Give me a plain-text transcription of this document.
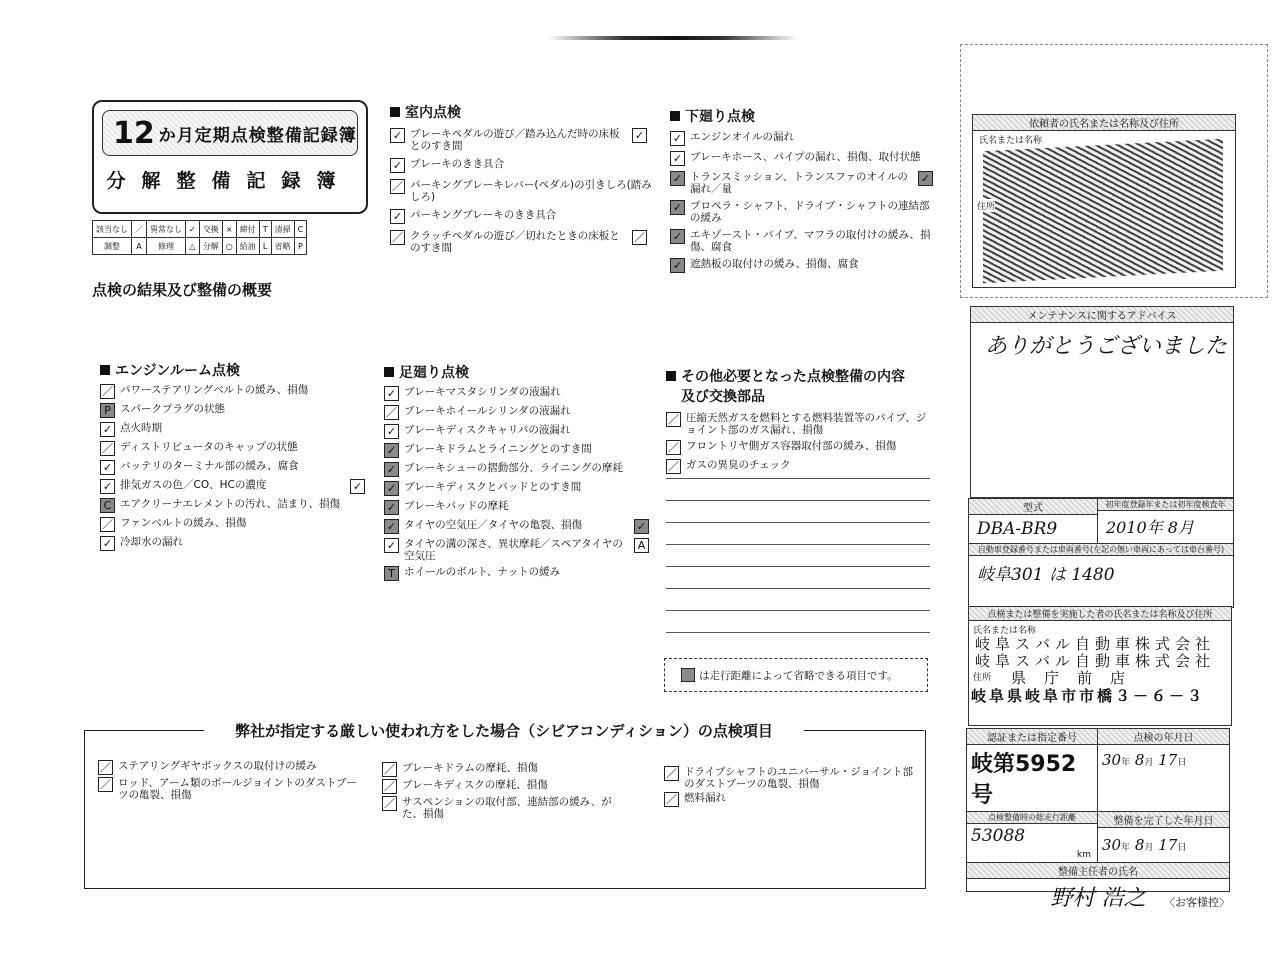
12 か月定期点検整備記録簿
分解整備記録簿
該当なし	／	異常なし	✓	交換	×	締付	T	清掃	C
調整	A	修理	△	分解	○	給油	L	省略	P
点検の結果及び整備の概要
室内点検
✓ ブレーキペダルの遊び／踏み込んだ時の床板とのすき間
✓
✓ ブレーキのきき具合
／ パーキングブレーキレバー(ペダル)の引きしろ(踏みしろ)
✓ パーキングブレーキのきき具合
／ クラッチペダルの遊び／切れたときの床板とのすき間
／
下廻り点検
✓ エンジンオイルの漏れ
✓ ブレーキホース、パイプの漏れ、損傷、取付状態
✓ トランスミッション、トランスファのオイルの漏れ／量
✓
✓ プロペラ・シャフト、ドライブ・シャフトの連結部の緩み
✓ エキゾースト・パイプ、マフラの取付けの緩み、損傷、腐食
✓ 遮熱板の取付けの緩み、損傷、腐食
エンジンルーム点検
／ パワーステアリングベルトの緩み、損傷
P スパークプラグの状態
✓ 点火時期
／ ディストリビュータのキャップの状態
✓ バッテリのターミナル部の緩み、腐食
✓ 排気ガスの色／CO、HCの濃度	✓
C エアクリーナエレメントの汚れ、詰まり、損傷
／ ファンベルトの緩み、損傷
✓ 冷却水の漏れ
足廻り点検
✓ ブレーキマスタシリンダの液漏れ
／ ブレーキホイールシリンダの液漏れ
✓ ブレーキディスクキャリパの液漏れ
✓ ブレーキドラムとライニングとのすき間
✓ ブレーキシューの摺動部分、ライニングの摩耗
✓ ブレーキディスクとパッドとのすき間
✓ ブレーキパッドの摩耗
✓ タイヤの空気圧／タイヤの亀裂、損傷	✓
✓ タイヤの溝の深さ、異状摩耗／スペアタイヤの空気圧
A
T ホイールのボルト、ナットの緩み
その他必要となった点検整備の内容
及び交換部品
／ 圧縮天然ガスを燃料とする燃料装置等のパイプ、ジョイント部のガス漏れ、損傷
／ フロントリヤ側ガス容器取付部の緩み、損傷
／ ガスの異臭のチェック
は走行距離によって省略できる項目です。
弊社が指定する厳しい使われ方をした場合（シビアコンディション）の点検項目
／ ステアリングギヤボックスの取付けの緩み
／ ロッド、アーム類のボールジョイントのダストブーツの亀裂、損傷
／ ブレーキドラムの摩耗、損傷
／ ブレーキディスクの摩耗、損傷
／ サスペンションの取付部、連結部の緩み、がた、損傷
／ ドライブシャフトのユニバーサル・ジョイント部のダストブーツの亀裂、損傷
／ 燃料漏れ
依頼者の氏名または名称及び住所
氏名または名称
住所
メンテナンスに関するアドバイス
ありがとうございました
型式
DBA-BR9
初年度登録年または初年度検査年
2010年 8月
自動車登録番号または車両番号(左記の無い車両にあっては車台番号)
岐阜301 は 1480
点検または整備を実施した者の氏名または名称及び住所
氏名または名称
岐阜スバル自動車株式会社
岐阜スバル自動車株式会社
住所 県庁前店
岐阜県岐阜市市橋３－６－３
認証または指定番号
岐第5952号
点検の年月日
30年 8月 17日
点検整備時の総走行距離
53088
km
整備を完了した年月日
30年 8月 17日
整備主任者の氏名
野村 浩之	〈お客様控〉
